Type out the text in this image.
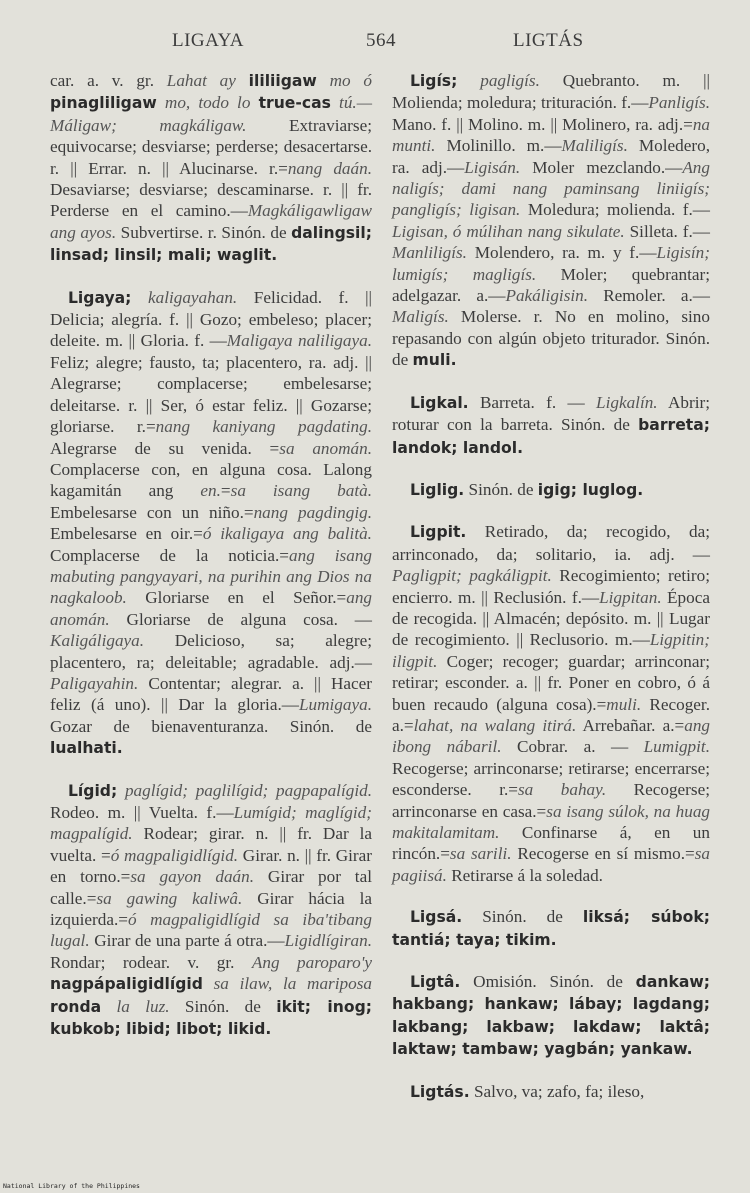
LIGAYA	564	LIGTÁS

car. a. v. gr. Lahat ay ililiigaw mo ó pinagliligaw mo, todo lo true-cas tú.—Máligaw; magkáligaw. Extraviarse; equivocarse; desviarse; perderse; desacertarse. r. || Errar. n. || Alucinarse. r.=nang daán. Desaviarse; desviarse; descaminarse. r. || fr. Perderse en el camino.—Magkáligawligaw ang ayos. Subvertirse. r. Sinón. de dalingsil; linsad; linsil; mali; waglit.

Ligaya; kaligayahan. Felicidad. f. || Delicia; alegría. f. || Gozo; embeleso; placer; deleite. m. || Gloria. f. —Maligaya naliligaya. Feliz; alegre; fausto, ta; placentero, ra. adj. || Alegrarse; complacerse; embelesarse; deleitarse. r. || Ser, ó estar feliz. || Gozarse; gloriarse. r.=nang kaniyang pagdating. Alegrarse de su venida. =sa anomán. Complacerse con, en alguna cosa. Lalong kagamitán ang en.=sa isang batà. Embelesarse con un niño.=nang pagdingig. Embelesarse en oir.=ó ikaligaya ang balità. Complacerse de la noticia.=ang isang mabuting pangyayari, na purihin ang Dios na nagkaloob. Gloriarse en el Señor.=ang anomán. Gloriarse de alguna cosa. —Kaligáligaya. Delicioso, sa; alegre; placentero, ra; deleitable; agradable. adj.—Paligayahin. Contentar; alegrar. a. || Hacer feliz (á uno). || Dar la gloria.—Lumigaya. Gozar de bienaventuranza. Sinón. de lualhati.

Lígid; paglígid; paglilígid; pagpapalígid. Rodeo. m. || Vuelta. f.—Lumígid; maglígid; magpalígid. Rodear; girar. n. || fr. Dar la vuelta. =ó magpaligidlígid. Girar. n. || fr. Girar en torno.=sa gayon daán. Girar por tal calle.=sa gawing kaliwâ. Girar hácia la izquierda.=ó magpaligidlígid sa iba'tibang lugal. Girar de una parte á otra.—Ligidlígiran. Rondar; rodear. v. gr. Ang paroparo'y nagpápaligidlígid sa ilaw, la mariposa ronda la luz. Sinón. de ikit; inog; kubkob; libid; libot; likid.

Ligís; pagligís. Quebranto. m. || Molienda; moledura; trituración. f.—Panligís. Mano. f. || Molino. m. || Molinero, ra. adj.=na munti. Molinillo. m.—Maliligís. Moledero, ra. adj.—Ligisán. Moler mezclando.—Ang naligís; dami nang paminsang liniigís; pangligís; ligisan. Moledura; molienda. f.—Ligisan, ó múlihan nang sikulate. Silleta. f.—Manliligís. Molendero, ra. m. y f.—Ligisín; lumigís; magligís. Moler; quebrantar; adelgazar. a.—Pakáligisin. Remoler. a.—Maligís. Molerse. r. No en molino, sino repasando con algún objeto triturador. Sinón. de muli.

Ligkal. Barreta. f. — Ligkalín. Abrir; roturar con la barreta. Sinón. de barreta; landok; landol.

Liglig. Sinón. de igig; luglog.

Ligpit. Retirado, da; recogido, da; arrinconado, da; solitario, ia. adj. —Pagligpit; pagkáligpit. Recogimiento; retiro; encierro. m. || Reclusión. f.—Ligpitan. Época de recogida. || Almacén; depósito. m. || Lugar de recogimiento. || Reclusorio. m.—Ligpitin; iligpit. Coger; recoger; guardar; arrinconar; retirar; esconder. a. || fr. Poner en cobro, ó á buen recaudo (alguna cosa).=muli. Recoger. a.=lahat, na walang itirá. Arrebañar. a.=ang ibong nábaril. Cobrar. a. — Lumigpit. Recogerse; arrinconarse; retirarse; encerrarse; esconderse. r.=sa bahay. Recogerse; arrinconarse en casa.=sa isang súlok, na huag makitalamitam. Confinarse á, en un rincón.=sa sarili. Recogerse en sí mismo.=sa pagiisá. Retirarse á la soledad.

Ligsá. Sinón. de liksá; súbok; tantiá; taya; tikim.

Ligtâ. Omisión. Sinón. de dankaw; hakbang; hankaw; lábay; lagdang; lakbang; lakbaw; lakdaw; laktâ; laktaw; tambaw; yagbán; yankaw.

Ligtás. Salvo, va; zafo, fa; ileso,

National Library of the Philippines
